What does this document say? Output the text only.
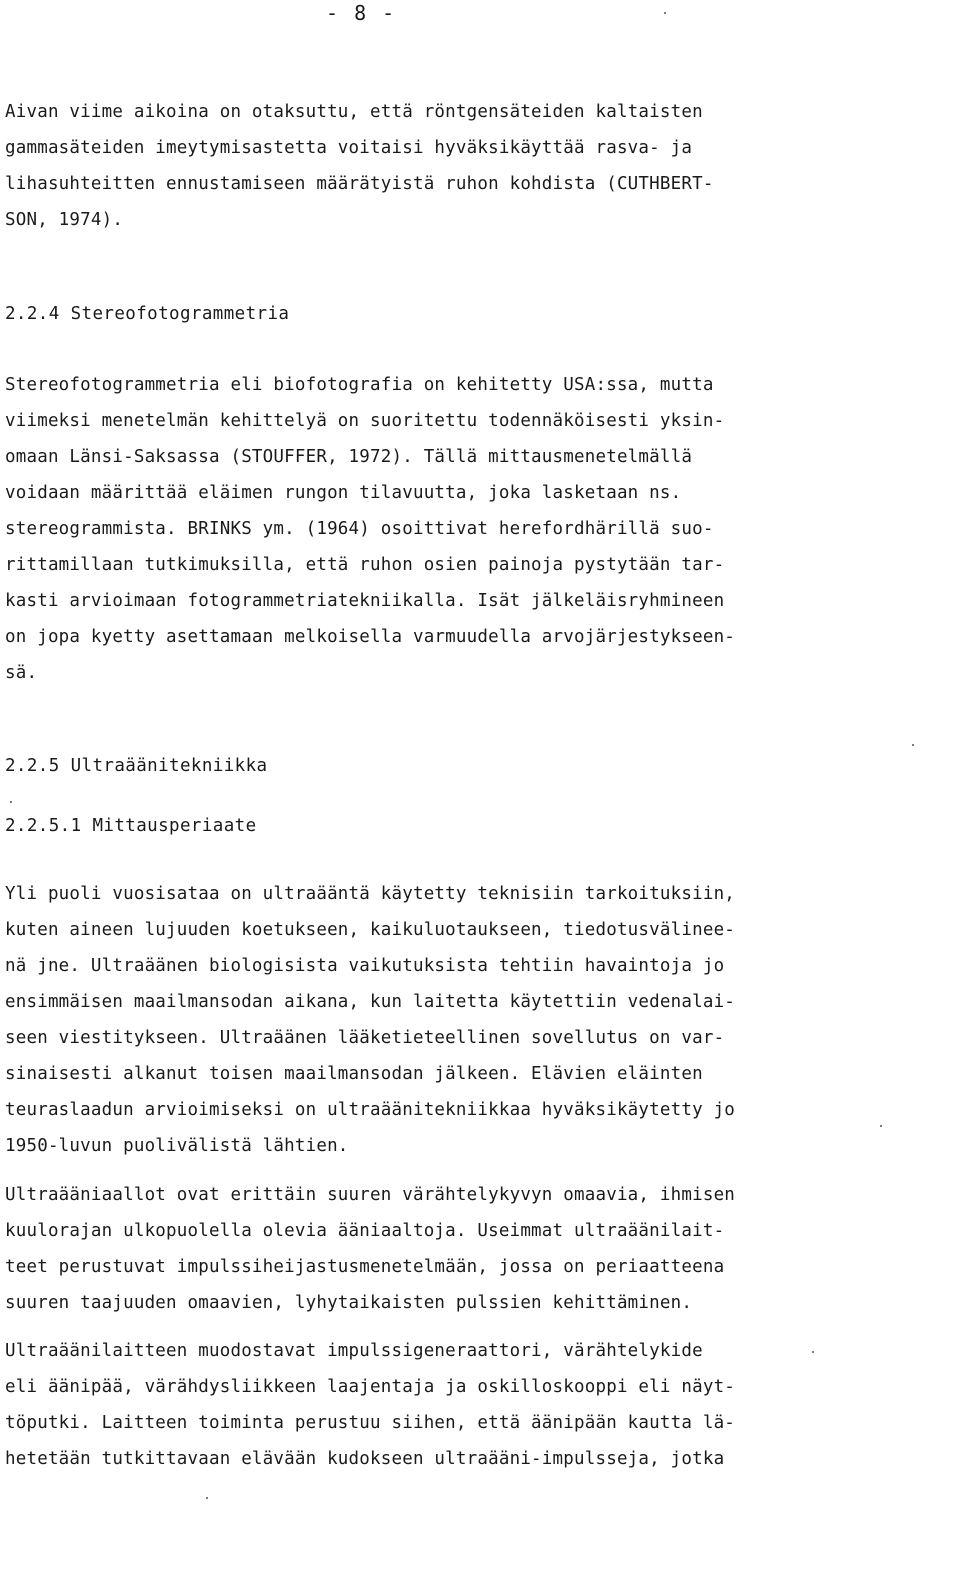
- 8 -
Aivan viime aikoina on otaksuttu, että röntgensäteiden kaltaisten
gammasäteiden imeytymisastetta voitaisi hyväksikäyttää rasva- ja
lihasuhteitten ennustamiseen määrätyistä ruhon kohdista (CUTHBERT-
SON, 1974).
2.2.4 Stereofotogrammetria
Stereofotogrammetria eli biofotografia on kehitetty USA:ssa, mutta
viimeksi menetelmän kehittelyä on suoritettu todennäköisesti yksin-
omaan Länsi-Saksassa (STOUFFER, 1972). Tällä mittausmenetelmällä
voidaan määrittää eläimen rungon tilavuutta, joka lasketaan ns.
stereogrammista. BRINKS ym. (1964) osoittivat herefordhärillä suo-
rittamillaan tutkimuksilla, että ruhon osien painoja pystytään tar-
kasti arvioimaan fotogrammetriatekniikalla. Isät jälkeläisryhmineen
on jopa kyetty asettamaan melkoisella varmuudella arvojärjestykseen-
sä.
2.2.5 Ultraäänitekniikka
2.2.5.1 Mittausperiaate
Yli puoli vuosisataa on ultraääntä käytetty teknisiin tarkoituksiin,
kuten aineen lujuuden koetukseen, kaikuluotaukseen, tiedotusvälinee-
nä jne. Ultraäänen biologisista vaikutuksista tehtiin havaintoja jo
ensimmäisen maailmansodan aikana, kun laitetta käytettiin vedenalai-
seen viestitykseen. Ultraäänen lääketieteellinen sovellutus on var-
sinaisesti alkanut toisen maailmansodan jälkeen. Elävien eläinten
teuraslaadun arvioimiseksi on ultraäänitekniikkaa hyväksikäytetty jo
1950-luvun puolivälistä lähtien.
Ultraääniaallot ovat erittäin suuren värähtelykyvyn omaavia, ihmisen
kuulorajan ulkopuolella olevia ääniaaltoja. Useimmat ultraäänilait-
teet perustuvat impulssiheijastusmenetelmään, jossa on periaatteena
suuren taajuuden omaavien, lyhytaikaisten pulssien kehittäminen.
Ultraäänilaitteen muodostavat impulssigeneraattori, värähtelykide
eli äänipää, värähdysliikkeen laajentaja ja oskilloskooppi eli näyt-
töputki. Laitteen toiminta perustuu siihen, että äänipään kautta lä-
hetetään tutkittavaan elävään kudokseen ultraääni-impulsseja, jotka
